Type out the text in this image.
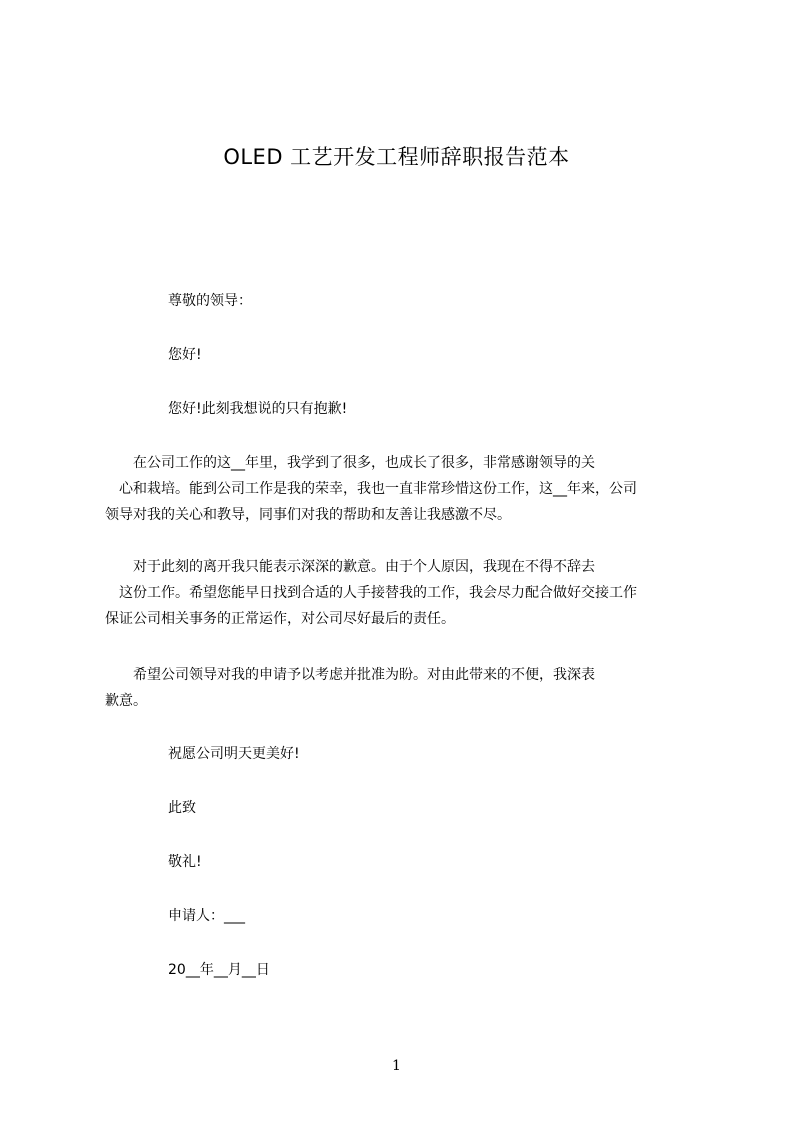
OLED 工艺开发工程师辞职报告范本
尊敬的领导：
您好!
您好!此刻我想说的只有抱歉!
　　在公司工作的这__年里，我学到了很多，也成长了很多，非常感谢领导的关
　心和栽培。能到公司工作是我的荣幸，我也一直非常珍惜这份工作，这__年来，公司
领导对我的关心和教导，同事们对我的帮助和友善让我感激不尽。
　　对于此刻的离开我只能表示深深的歉意。由于个人原因，我现在不得不辞去
　这份工作。希望您能早日找到合适的人手接替我的工作，我会尽力配合做好交接工作
保证公司相关事务的正常运作，对公司尽好最后的责任。
　　希望公司领导对我的申请予以考虑并批准为盼。对由此带来的不便，我深表
歉意。
祝愿公司明天更美好!
此致
敬礼!
申请人：___
20__年__月__日
1
